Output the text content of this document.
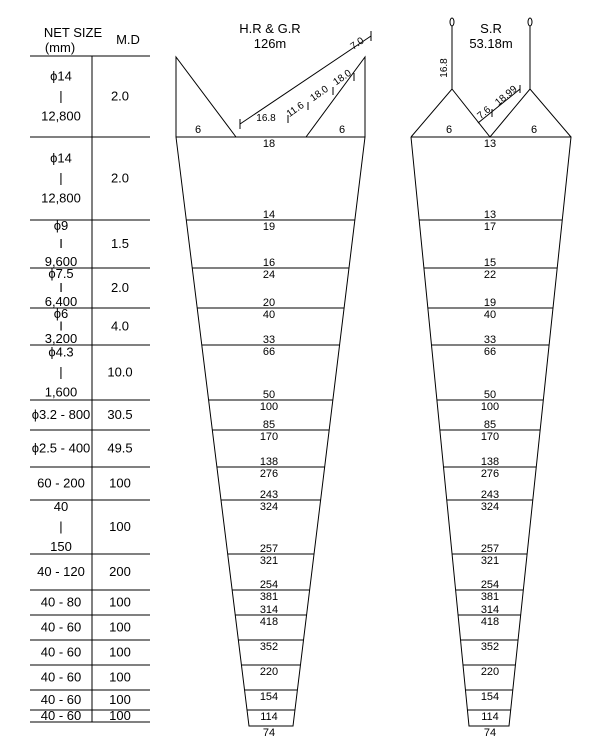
NET SIZE
(mm)
M.D
ϕ14
|
12,800
2.0
ϕ14
|
12,800
2.0
ϕ9
I
9,600
1.5
ϕ7.5
I
6,400
2.0
ϕ6
I
3,200
4.0
ϕ4.3
|
1,600
10.0
ϕ3.2 - 800 30.5
ϕ2.5 - 400 49.5
60 - 200 100
40
|
150
100
40 - 120 200
40 - 80 100
40 - 60 100
40 - 60 100
40 - 60 100
40 - 60 100
40 - 60 100
H.R & G.R
126m
6	6
16.8 11.6
18.0
18.0
7.0
18
14
19
16
24
20
40
33
66
50
100
85
170
138
276
243
324
257
321
254
381
314
418
352
220
154
114
74
S.R
53.18m
6	6
16.8
7.6
18.99
13
13
17
15
22
19
40
33
66
50
100
85
170
138
276
243
324
257
321
254
381
314
418
352
220
154
114
74
